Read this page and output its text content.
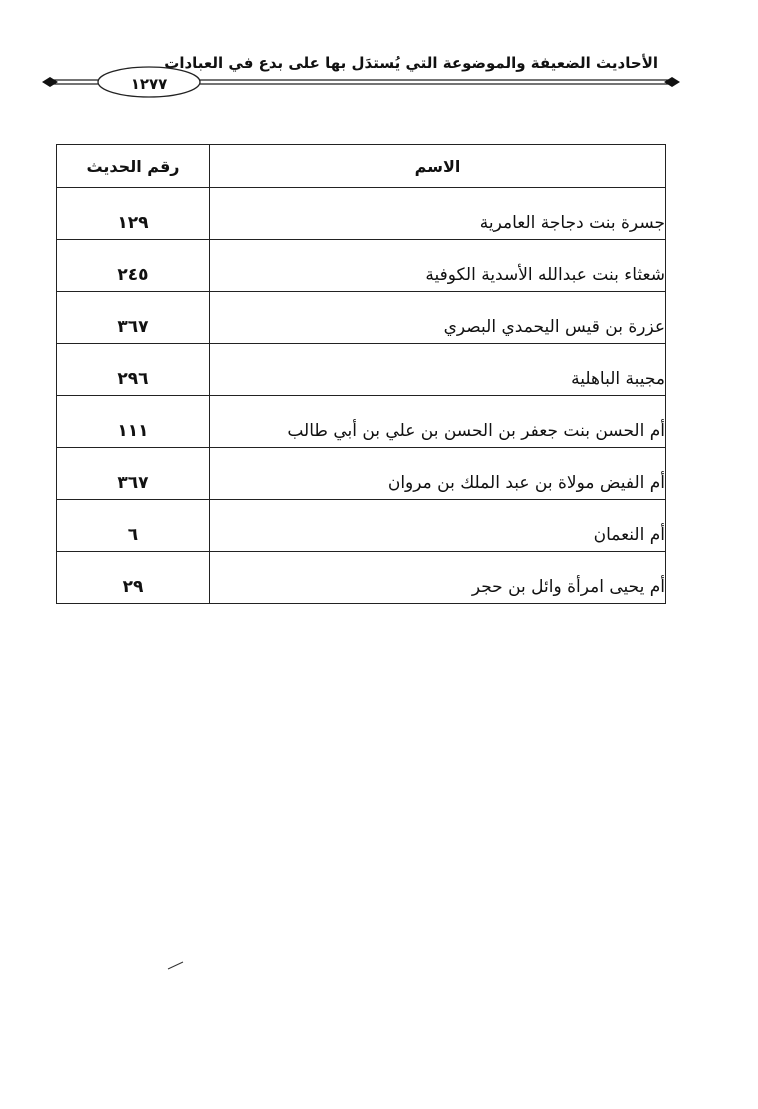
الأحاديث الضعيفة والموضوعة التي يُستدَل بها على بدع في العبادات
١٢٧٧
الاسم	رقم الحديث
جسرة بنت دجاجة العامرية	١٢٩
شعثاء بنت عبدالله الأسدية الكوفية	٢٤٥
عزرة بن قيس اليحمدي البصري	٣٦٧
مجيبة الباهلية	٢٩٦
أم الحسن بنت جعفر بن الحسن بن علي بن أبي طالب	١١١
أم الفيض مولاة بن عبد الملك بن مروان	٣٦٧
أم النعمان	٦
أم يحيى امرأة وائل بن حجر	٢٩
